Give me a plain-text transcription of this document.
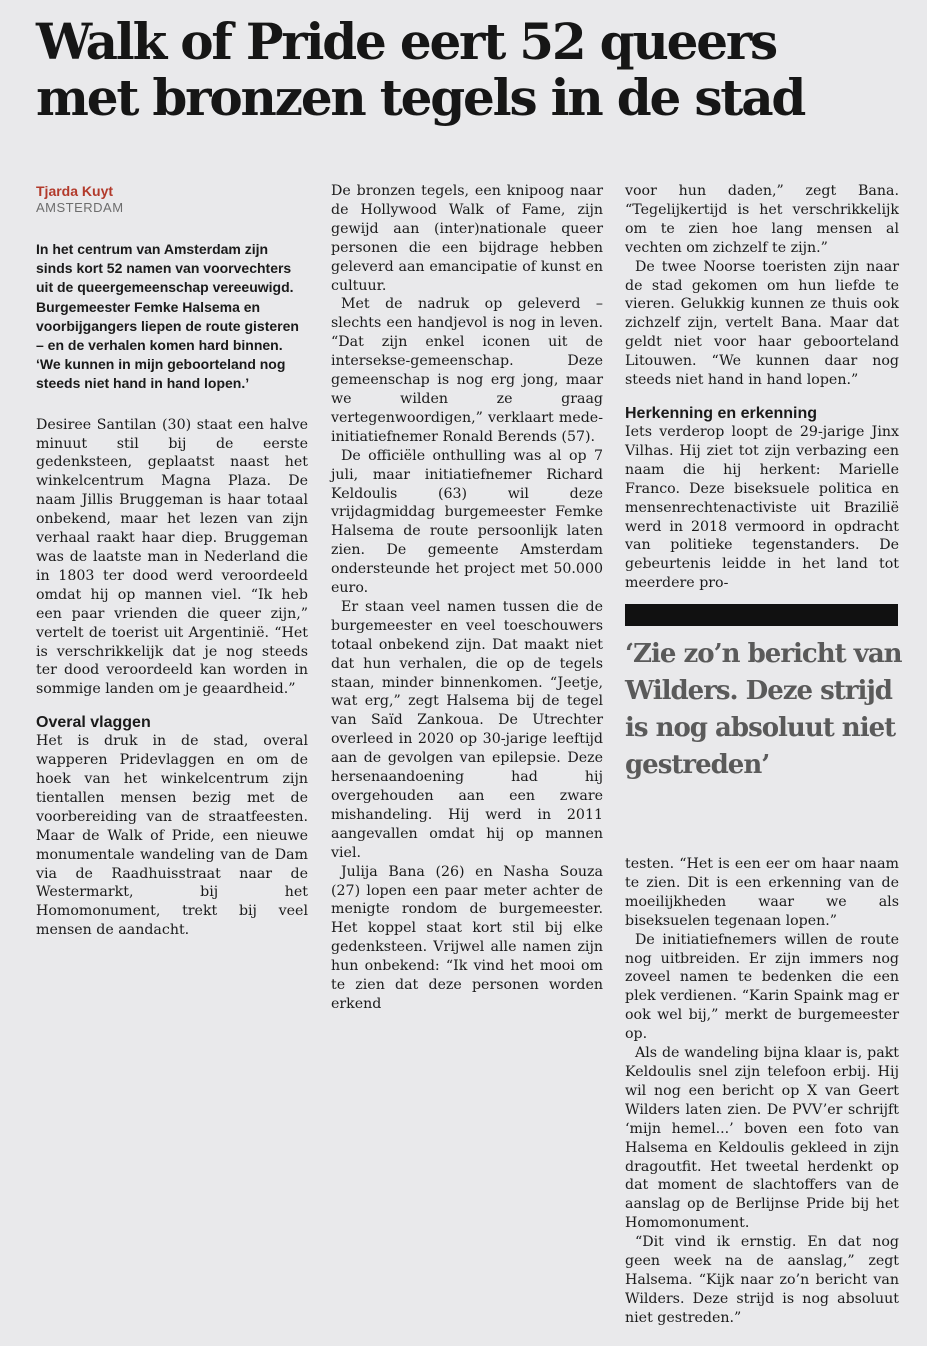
Walk of Pride eert 52 queers
met bronzen tegels in de stad
Tjarda Kuyt
AMSTERDAM

In het centrum van Amsterdam zijn sinds kort 52 namen van voorvechters uit de queergemeenschap vereeuwigd. Burgemeester Femke Halsema en voorbijgangers liepen de route gisteren – en de verhalen komen hard binnen. ‘We kunnen in mijn geboorteland nog steeds niet hand in hand lopen.’

Desiree Santilan (30) staat een halve minuut stil bij de eerste gedenksteen, geplaatst naast het winkelcentrum Magna Plaza. De naam Jillis Bruggeman is haar totaal onbekend, maar het lezen van zijn verhaal raakt haar diep. Bruggeman was de laatste man in Nederland die in 1803 ter dood werd veroordeeld omdat hij op mannen viel. “Ik heb een paar vrienden die queer zijn,” vertelt de toerist uit Argentinië. “Het is verschrikkelijk dat je nog steeds ter dood veroordeeld kan worden in sommige landen om je geaardheid.”

Overal vlaggen

Het is druk in de stad, overal wapperen Pridevlaggen en om de hoek van het winkelcentrum zijn tientallen mensen bezig met de voorbereiding van de straatfeesten. Maar de Walk of Pride, een nieuwe monumentale wandeling van de Dam via de Raadhuisstraat naar de Westermarkt, bij het Homomonument, trekt bij veel mensen de aandacht.

De bronzen tegels, een knipoog naar de Hollywood Walk of Fame, zijn gewijd aan (inter)nationale queer personen die een bijdrage hebben geleverd aan emancipatie of kunst en cultuur.

Met de nadruk op geleverd – slechts een handjevol is nog in leven. “Dat zijn enkel iconen uit de intersekse-gemeenschap. Deze gemeenschap is nog erg jong, maar we wilden ze graag vertegenwoordigen,” verklaart mede-initiatiefnemer Ronald Berends (57).

De officiële onthulling was al op 7 juli, maar initiatiefnemer Richard Keldoulis (63) wil deze vrijdagmiddag burgemeester Femke Halsema de route persoonlijk laten zien. De gemeente Amsterdam ondersteunde het project met 50.000 euro.

Er staan veel namen tussen die de burgemeester en veel toeschouwers totaal onbekend zijn. Dat maakt niet dat hun verhalen, die op de tegels staan, minder binnenkomen. “Jeetje, wat erg,” zegt Halsema bij de tegel van Saïd Zankoua. De Utrechter overleed in 2020 op 30-jarige leeftijd aan de gevolgen van epilepsie. Deze hersenaandoening had hij overgehouden aan een zware mishandeling. Hij werd in 2011 aangevallen omdat hij op mannen viel.

Julija Bana (26) en Nasha Souza (27) lopen een paar meter achter de menigte rondom de burgemeester. Het koppel staat kort stil bij elke gedenksteen. Vrijwel alle namen zijn hun onbekend: “Ik vind het mooi om te zien dat deze personen worden erkend

voor hun daden,” zegt Bana. “Tegelijkertijd is het verschrikkelijk om te zien hoe lang mensen al vechten om zichzelf te zijn.”

De twee Noorse toeristen zijn naar de stad gekomen om hun liefde te vieren. Gelukkig kunnen ze thuis ook zichzelf zijn, vertelt Bana. Maar dat geldt niet voor haar geboorteland Litouwen. “We kunnen daar nog steeds niet hand in hand lopen.”

Herkenning en erkenning

Iets verderop loopt de 29-jarige Jinx Vilhas. Hij ziet tot zijn verbazing een naam die hij herkent: Marielle Franco. Deze biseksuele politica en mensenrechtenactiviste uit Brazilië werd in 2018 vermoord in opdracht van politieke tegenstanders. De gebeurtenis leidde in het land tot meerdere pro-

‘Zie zo’n bericht van
Wilders. Deze strijd
is nog absoluut niet
gestreden’

testen. “Het is een eer om haar naam te zien. Dit is een erkenning van de moeilijkheden waar we als biseksuelen tegenaan lopen.”

De initiatiefnemers willen de route nog uitbreiden. Er zijn immers nog zoveel namen te bedenken die een plek verdienen. “Karin Spaink mag er ook wel bij,” merkt de burgemeester op.

Als de wandeling bijna klaar is, pakt Keldoulis snel zijn telefoon erbij. Hij wil nog een bericht op X van Geert Wilders laten zien. De PVV’er schrijft ‘mijn hemel...’ boven een foto van Halsema en Keldoulis gekleed in zijn dragoutfit. Het tweetal herdenkt op dat moment de slachtoffers van de aanslag op de Berlijnse Pride bij het Homomonument.

“Dit vind ik ernstig. En dat nog geen week na de aanslag,” zegt Halsema. “Kijk naar zo’n bericht van Wilders. Deze strijd is nog absoluut niet gestreden.”
